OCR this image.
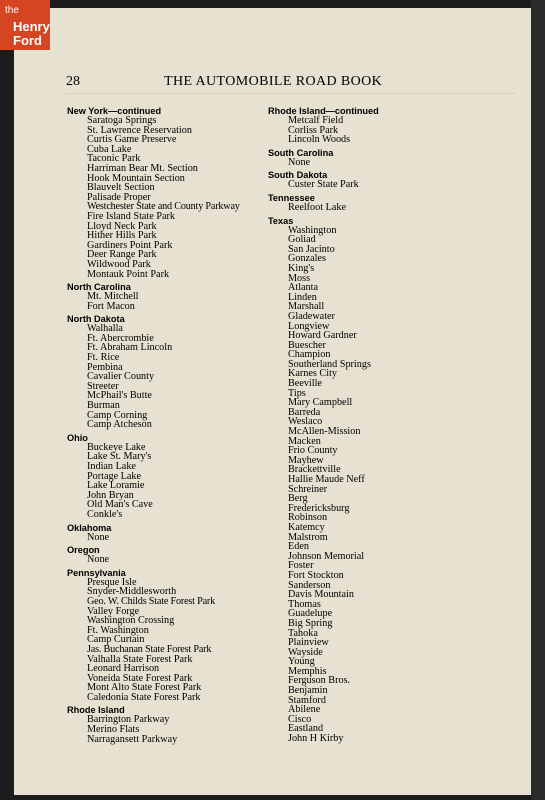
the
Henry
Ford
28	THE AUTOMOBILE ROAD BOOK
New York—continued
Saratoga Springs
St. Lawrence Reservation
Curtis Game Preserve
Cuba Lake
Taconic Park
Harriman Bear Mt. Section
Hook Mountain Section
Blauvelt Section
Palisade Proper
Westchester State and County Parkway
Fire Island State Park
Lloyd Neck Park
Hither Hills Park
Gardiners Point Park
Deer Range Park
Wildwood Park
Montauk Point Park
North Carolina
Mt. Mitchell
Fort Macon
North Dakota
Walhalla
Ft. Abercrombie
Ft. Abraham Lincoln
Ft. Rice
Pembina
Cavalier County
Streeter
McPhail's Butte
Burman
Camp Corning
Camp Atcheson
Ohio
Buckeye Lake
Lake St. Mary's
Indian Lake
Portage Lake
Lake Loramie
John Bryan
Old Man's Cave
Conkle's
Oklahoma
None
Oregon
None
Pennsylvania
Presque Isle
Snyder-Middlesworth
Geo. W. Childs State Forest Park
Valley Forge
Washington Crossing
Ft. Washington
Camp Curtain
Jas. Buchanan State Forest Park
Valhalla State Forest Park
Leonard Harrison
Voneida State Forest Park
Mont Alto State Forest Park
Caledonia State Forest Park
Rhode Island
Barrington Parkway
Merino Flats
Narragansett Parkway
Rhode Island—continued
Metcalf Field
Corliss Park
Lincoln Woods
South Carolina
None
South Dakota
Custer State Park
Tennessee
Reelfoot Lake
Texas
Washington
Goliad
San Jacinto
Gonzales
King's
Moss
Atlanta
Linden
Marshall
Gladewater
Longview
Howard Gardner
Buescher
Champion
Southerland Springs
Karnes City
Beeville
Tips
Mary Campbell
Barreda
Weslaco
McAllen-Mission
Macken
Frio County
Mayhew
Brackettville
Hallie Maude Neff
Schreiner
Berg
Fredericksburg
Robinson
Katemcy
Malstrom
Eden
Johnson Memorial
Foster
Fort Stockton
Sanderson
Davis Mountain
Thomas
Guadelupe
Big Spring
Tahoka
Plainview
Wayside
Young
Memphis
Ferguson Bros.
Benjamin
Stamford
Abilene
Cisco
Eastland
John H Kirby
